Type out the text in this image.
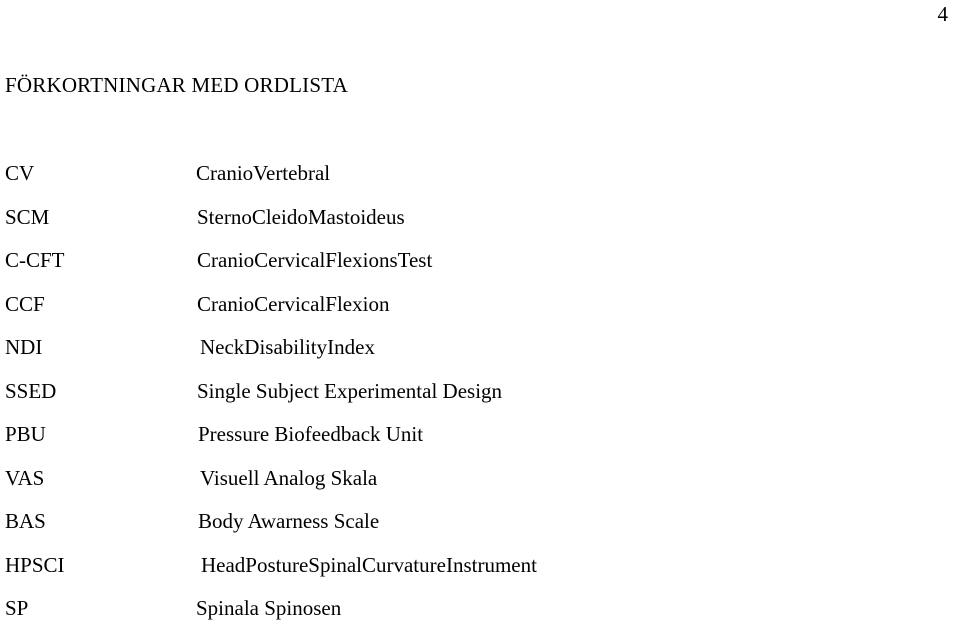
4
FÖRKORTNINGAR MED ORDLISTA
CV	CranioVertebral
SCM	SternoCleidoMastoideus
C-CFT	CranioCervicalFlexionsTest
CCF	CranioCervicalFlexion
NDI	NeckDisabilityIndex
SSED	Single Subject Experimental Design
PBU	Pressure Biofeedback Unit
VAS	Visuell Analog Skala
BAS	Body Awarness Scale
HPSCI	HeadPostureSpinalCurvatureInstrument
SP	Spinala Spinosen
